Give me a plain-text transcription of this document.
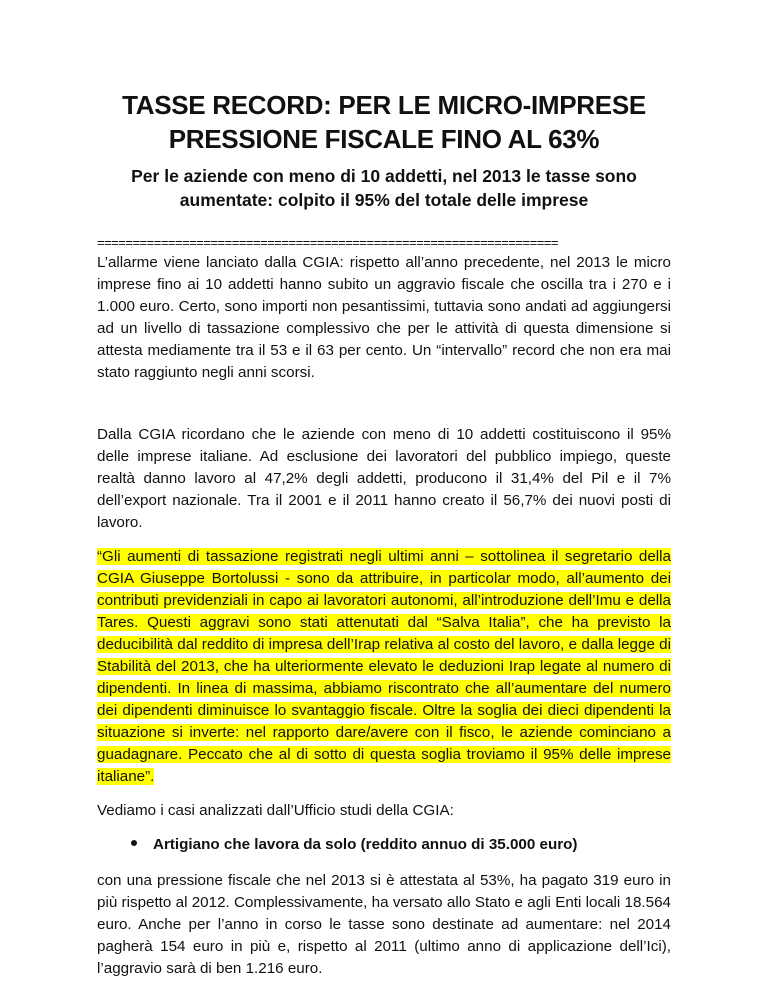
TASSE RECORD: PER LE MICRO-IMPRESE
PRESSIONE FISCALE FINO AL 63%
Per le aziende con meno di 10 addetti, nel 2013 le tasse sono
aumentate: colpito il 95% del totale delle imprese
=================================================================

L’allarme viene lanciato dalla CGIA: rispetto all’anno precedente, nel 2013 le micro imprese fino ai 10 addetti hanno subito un aggravio fiscale che oscilla tra i 270 e i 1.000 euro. Certo, sono importi non pesantissimi, tuttavia sono andati ad aggiungersi ad un livello di tassazione complessivo che per le attività di questa dimensione si attesta mediamente tra il 53 e il 63 per cento. Un “intervallo” record che non era mai stato raggiunto negli anni scorsi.

Dalla CGIA ricordano che le aziende con meno di 10 addetti costituiscono il 95% delle imprese italiane. Ad esclusione dei lavoratori del pubblico impiego, queste realtà danno lavoro al 47,2% degli addetti, producono il 31,4% del Pil e il 7% dell’export nazionale. Tra il 2001 e il 2011 hanno creato il 56,7% dei nuovi posti di lavoro.

“Gli aumenti di tassazione registrati negli ultimi anni – sottolinea il segretario della CGIA Giuseppe Bortolussi - sono da attribuire, in particolar modo, all’aumento dei contributi previdenziali in capo ai lavoratori autonomi, all’introduzione dell’Imu e della Tares. Questi aggravi sono stati attenutati dal “Salva Italia”, che ha previsto la deducibilità dal reddito di impresa dell’Irap relativa al costo del lavoro, e dalla legge di Stabilità del 2013, che ha ulteriormente elevato le deduzioni Irap legate al numero di dipendenti. In linea di massima, abbiamo riscontrato che all’aumentare del numero dei dipendenti diminuisce lo svantaggio fiscale. Oltre la soglia dei dieci dipendenti la situazione si inverte: nel rapporto dare/avere con il fisco, le aziende cominciano a guadagnare. Peccato che al di sotto di questa soglia troviamo il 95% delle imprese italiane”.

Vediamo i casi analizzati dall’Ufficio studi della CGIA:

Artigiano che lavora da solo (reddito annuo di 35.000 euro)

con una pressione fiscale che nel 2013 si è attestata al 53%, ha pagato 319 euro in più rispetto al 2012. Complessivamente, ha versato allo Stato e agli Enti locali 18.564 euro. Anche per l’anno in corso le tasse sono destinate ad aumentare: nel 2014 pagherà 154 euro in più e, rispetto al 2011 (ultimo anno di applicazione dell’Ici), l’aggravio sarà di ben 1.216 euro.
